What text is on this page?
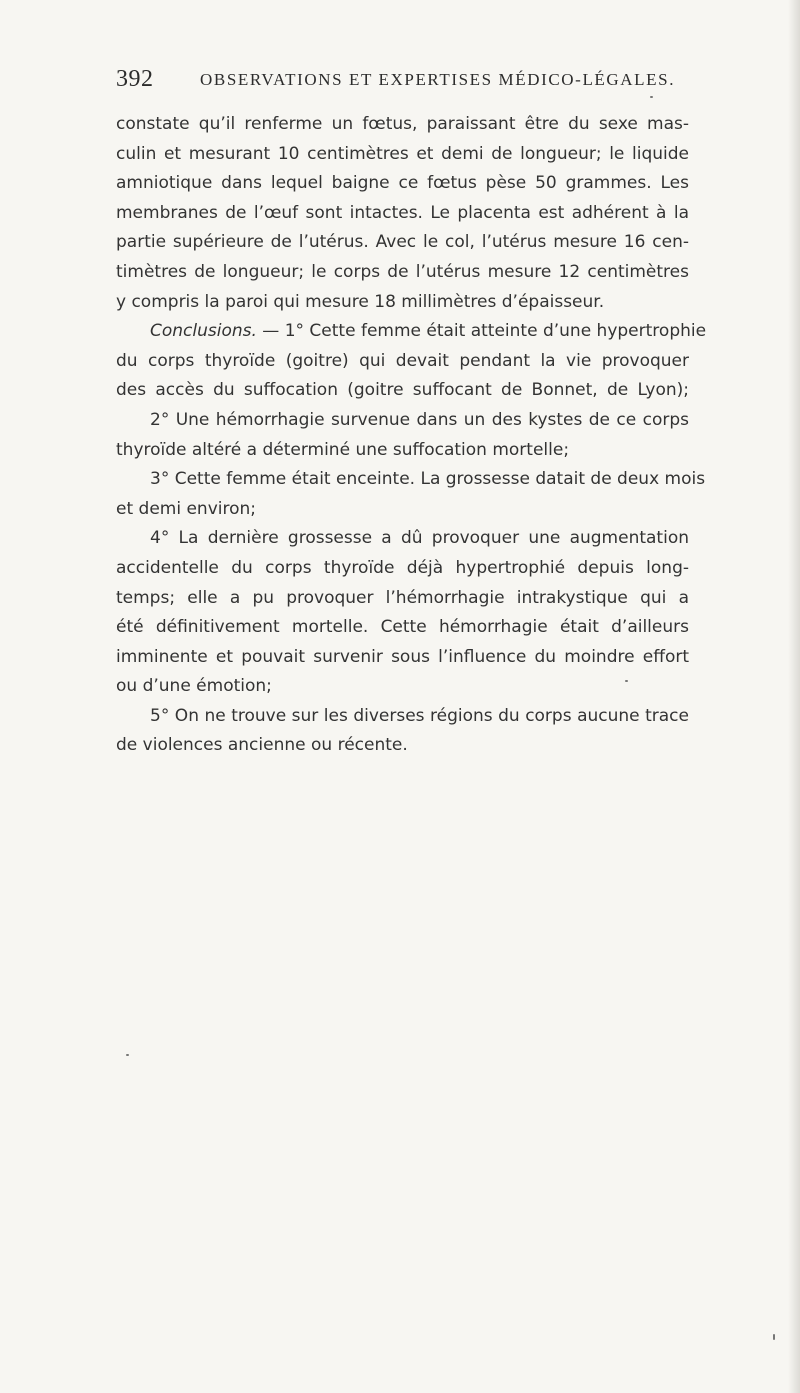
392	OBSERVATIONS ET EXPERTISES MÉDICO-LÉGALES.
constate qu’il renferme un fœtus, paraissant être du sexe mas-
culin et mesurant 10 centimètres et demi de longueur; le liquide
amniotique dans lequel baigne ce fœtus pèse 50 grammes. Les
membranes de l’œuf sont intactes. Le placenta est adhérent à la
partie supérieure de l’utérus. Avec le col, l’utérus mesure 16 cen-
timètres de longueur; le corps de l’utérus mesure 12 centimètres
y compris la paroi qui mesure 18 millimètres d’épaisseur.
Conclusions. — 1° Cette femme était atteinte d’une hypertrophie
du corps thyroïde (goitre) qui devait pendant la vie provoquer
des accès du suffocation (goitre suffocant de Bonnet, de Lyon);
2° Une hémorrhagie survenue dans un des kystes de ce corps
thyroïde altéré a déterminé une suffocation mortelle;
3° Cette femme était enceinte. La grossesse datait de deux mois
et demi environ;
4° La dernière grossesse a dû provoquer une augmentation
accidentelle du corps thyroïde déjà hypertrophié depuis long-
temps; elle a pu provoquer l’hémorrhagie intrakystique qui a
été définitivement mortelle. Cette hémorrhagie était d’ailleurs
imminente et pouvait survenir sous l’influence du moindre effort
ou d’une émotion;
5° On ne trouve sur les diverses régions du corps aucune trace
de violences ancienne ou récente.
